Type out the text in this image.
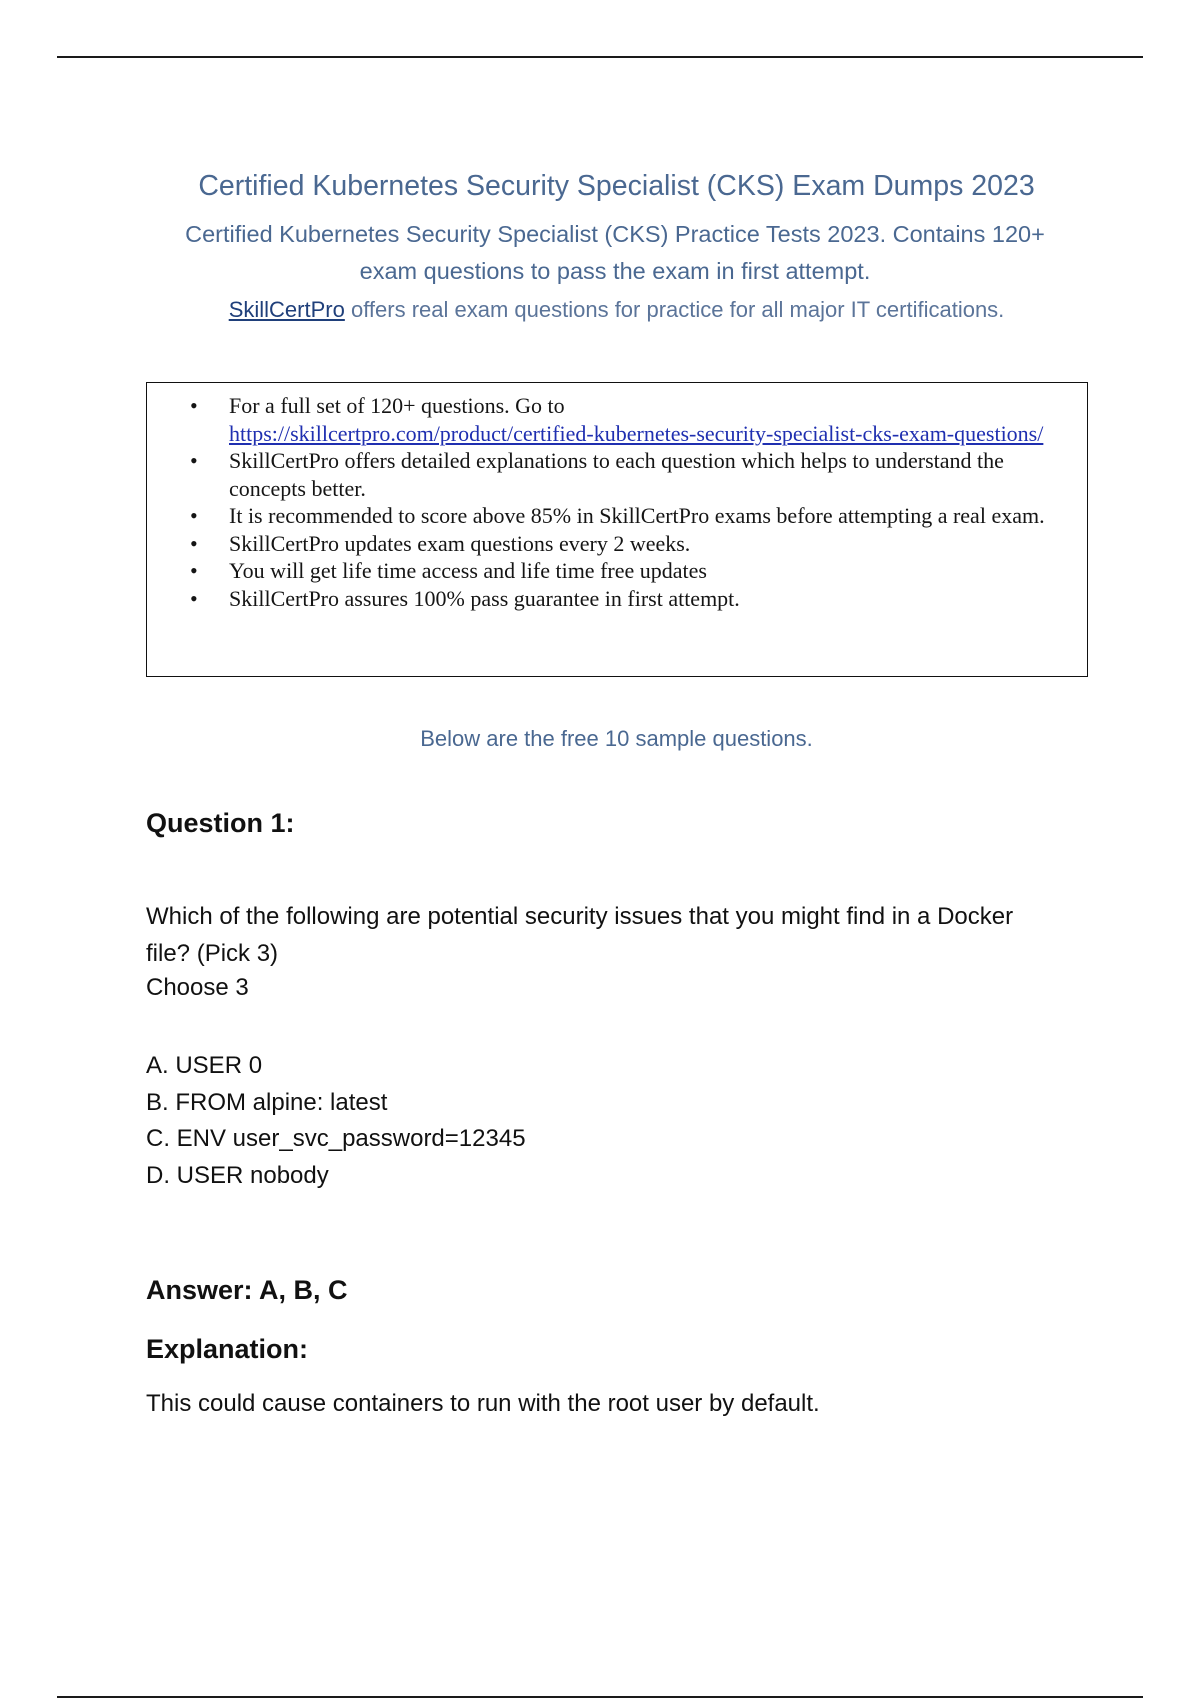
Certified Kubernetes Security Specialist (CKS) Exam Dumps 2023
Certified Kubernetes Security Specialist (CKS) Practice Tests 2023. Contains 120+ exam questions to pass the exam in first attempt.
SkillCertPro offers real exam questions for practice for all major IT certifications.
• For a full set of 120+ questions. Go to
https://skillcertpro.com/product/certified-kubernetes-security-specialist-cks-exam-questions/
• SkillCertPro offers detailed explanations to each question which helps to understand the concepts better.
• It is recommended to score above 85% in SkillCertPro exams before attempting a real exam.
• SkillCertPro updates exam questions every 2 weeks.
• You will get life time access and life time free updates
• SkillCertPro assures 100% pass guarantee in first attempt.
Below are the free 10 sample questions.
Question 1:
Which of the following are potential security issues that you might find in a Docker file? (Pick 3)
Choose 3
A. USER 0
B. FROM alpine: latest
C. ENV user_svc_password=12345
D. USER nobody
Answer: A, B, C
Explanation:
This could cause containers to run with the root user by default.
